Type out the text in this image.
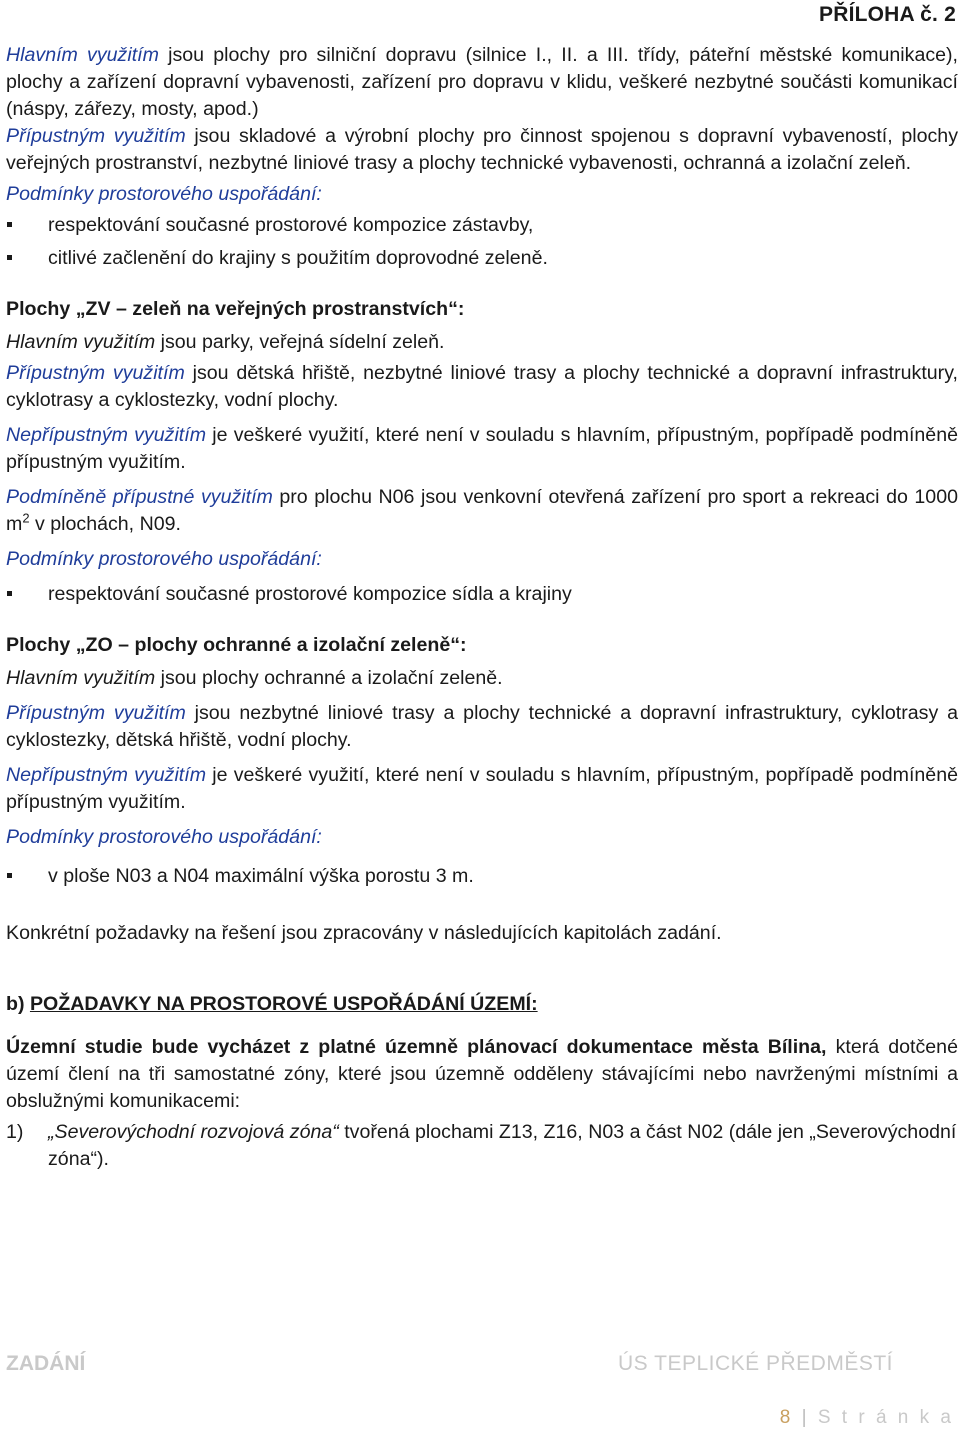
PŘÍLOHA č. 2

Hlavním využitím jsou plochy pro silniční dopravu (silnice I., II. a III. třídy, páteřní městské komunikace), plochy a zařízení dopravní vybavenosti, zařízení pro dopravu v klidu, veškeré nezbytné součásti komunikací (náspy, zářezy, mosty, apod.)

Přípustným využitím jsou skladové a výrobní plochy pro činnost spojenou s dopravní vybaveností, plochy veřejných prostranství, nezbytné liniové trasy a plochy technické vybavenosti, ochranná a izolační zeleň.

Podmínky prostorového uspořádání:

respektování současné prostorové kompozice zástavby,

citlivé začlenění do krajiny s použitím doprovodné zeleně.

Plochy „ZV – zeleň na veřejných prostranstvích“:

Hlavním využitím jsou parky, veřejná sídelní zeleň.

Přípustným využitím jsou dětská hřiště, nezbytné liniové trasy a plochy technické a dopravní infrastruktury, cyklotrasy a cyklostezky, vodní plochy.

Nepřípustným využitím je veškeré využití, které není v souladu s hlavním, přípustným, popřípadě podmíněně přípustným využitím.

Podmíněně přípustné využitím pro plochu N06 jsou venkovní otevřená zařízení pro sport a rekreaci do 1000 $m^2$ v plochách, N09.

Podmínky prostorového uspořádání:

respektování současné prostorové kompozice sídla a krajiny

Plochy „ZO – plochy ochranné a izolační zeleně“:

Hlavním využitím jsou plochy ochranné a izolační zeleně.

Přípustným využitím jsou nezbytné liniové trasy a plochy technické a dopravní infrastruktury, cyklotrasy a cyklostezky, dětská hřiště, vodní plochy.

Nepřípustným využitím je veškeré využití, které není v souladu s hlavním, přípustným, popřípadě podmíněně přípustným využitím.

Podmínky prostorového uspořádání:

v ploše N03 a N04 maximální výška porostu 3 m.

Konkrétní požadavky na řešení jsou zpracovány v následujících kapitolách zadání.

b) POŽADAVKY NA PROSTOROVÉ USPOŘÁDÁNÍ ÚZEMÍ:

Územní studie bude vycházet z platné územně plánovací dokumentace města Bílina, která dotčené území člení na tři samostatné zóny, které jsou územně odděleny stávajícími nebo navrženými místními a obslužnými komunikacemi:

1) „Severovýchodní rozvojová zóna“ tvořená plochami Z13, Z16, N03 a část N02 (dále jen „Severovýchodní zóna“).

ZADÁNÍ	ÚS TEPLICKÉ PŘEDMĚSTÍ
8 | S t r á n k a
